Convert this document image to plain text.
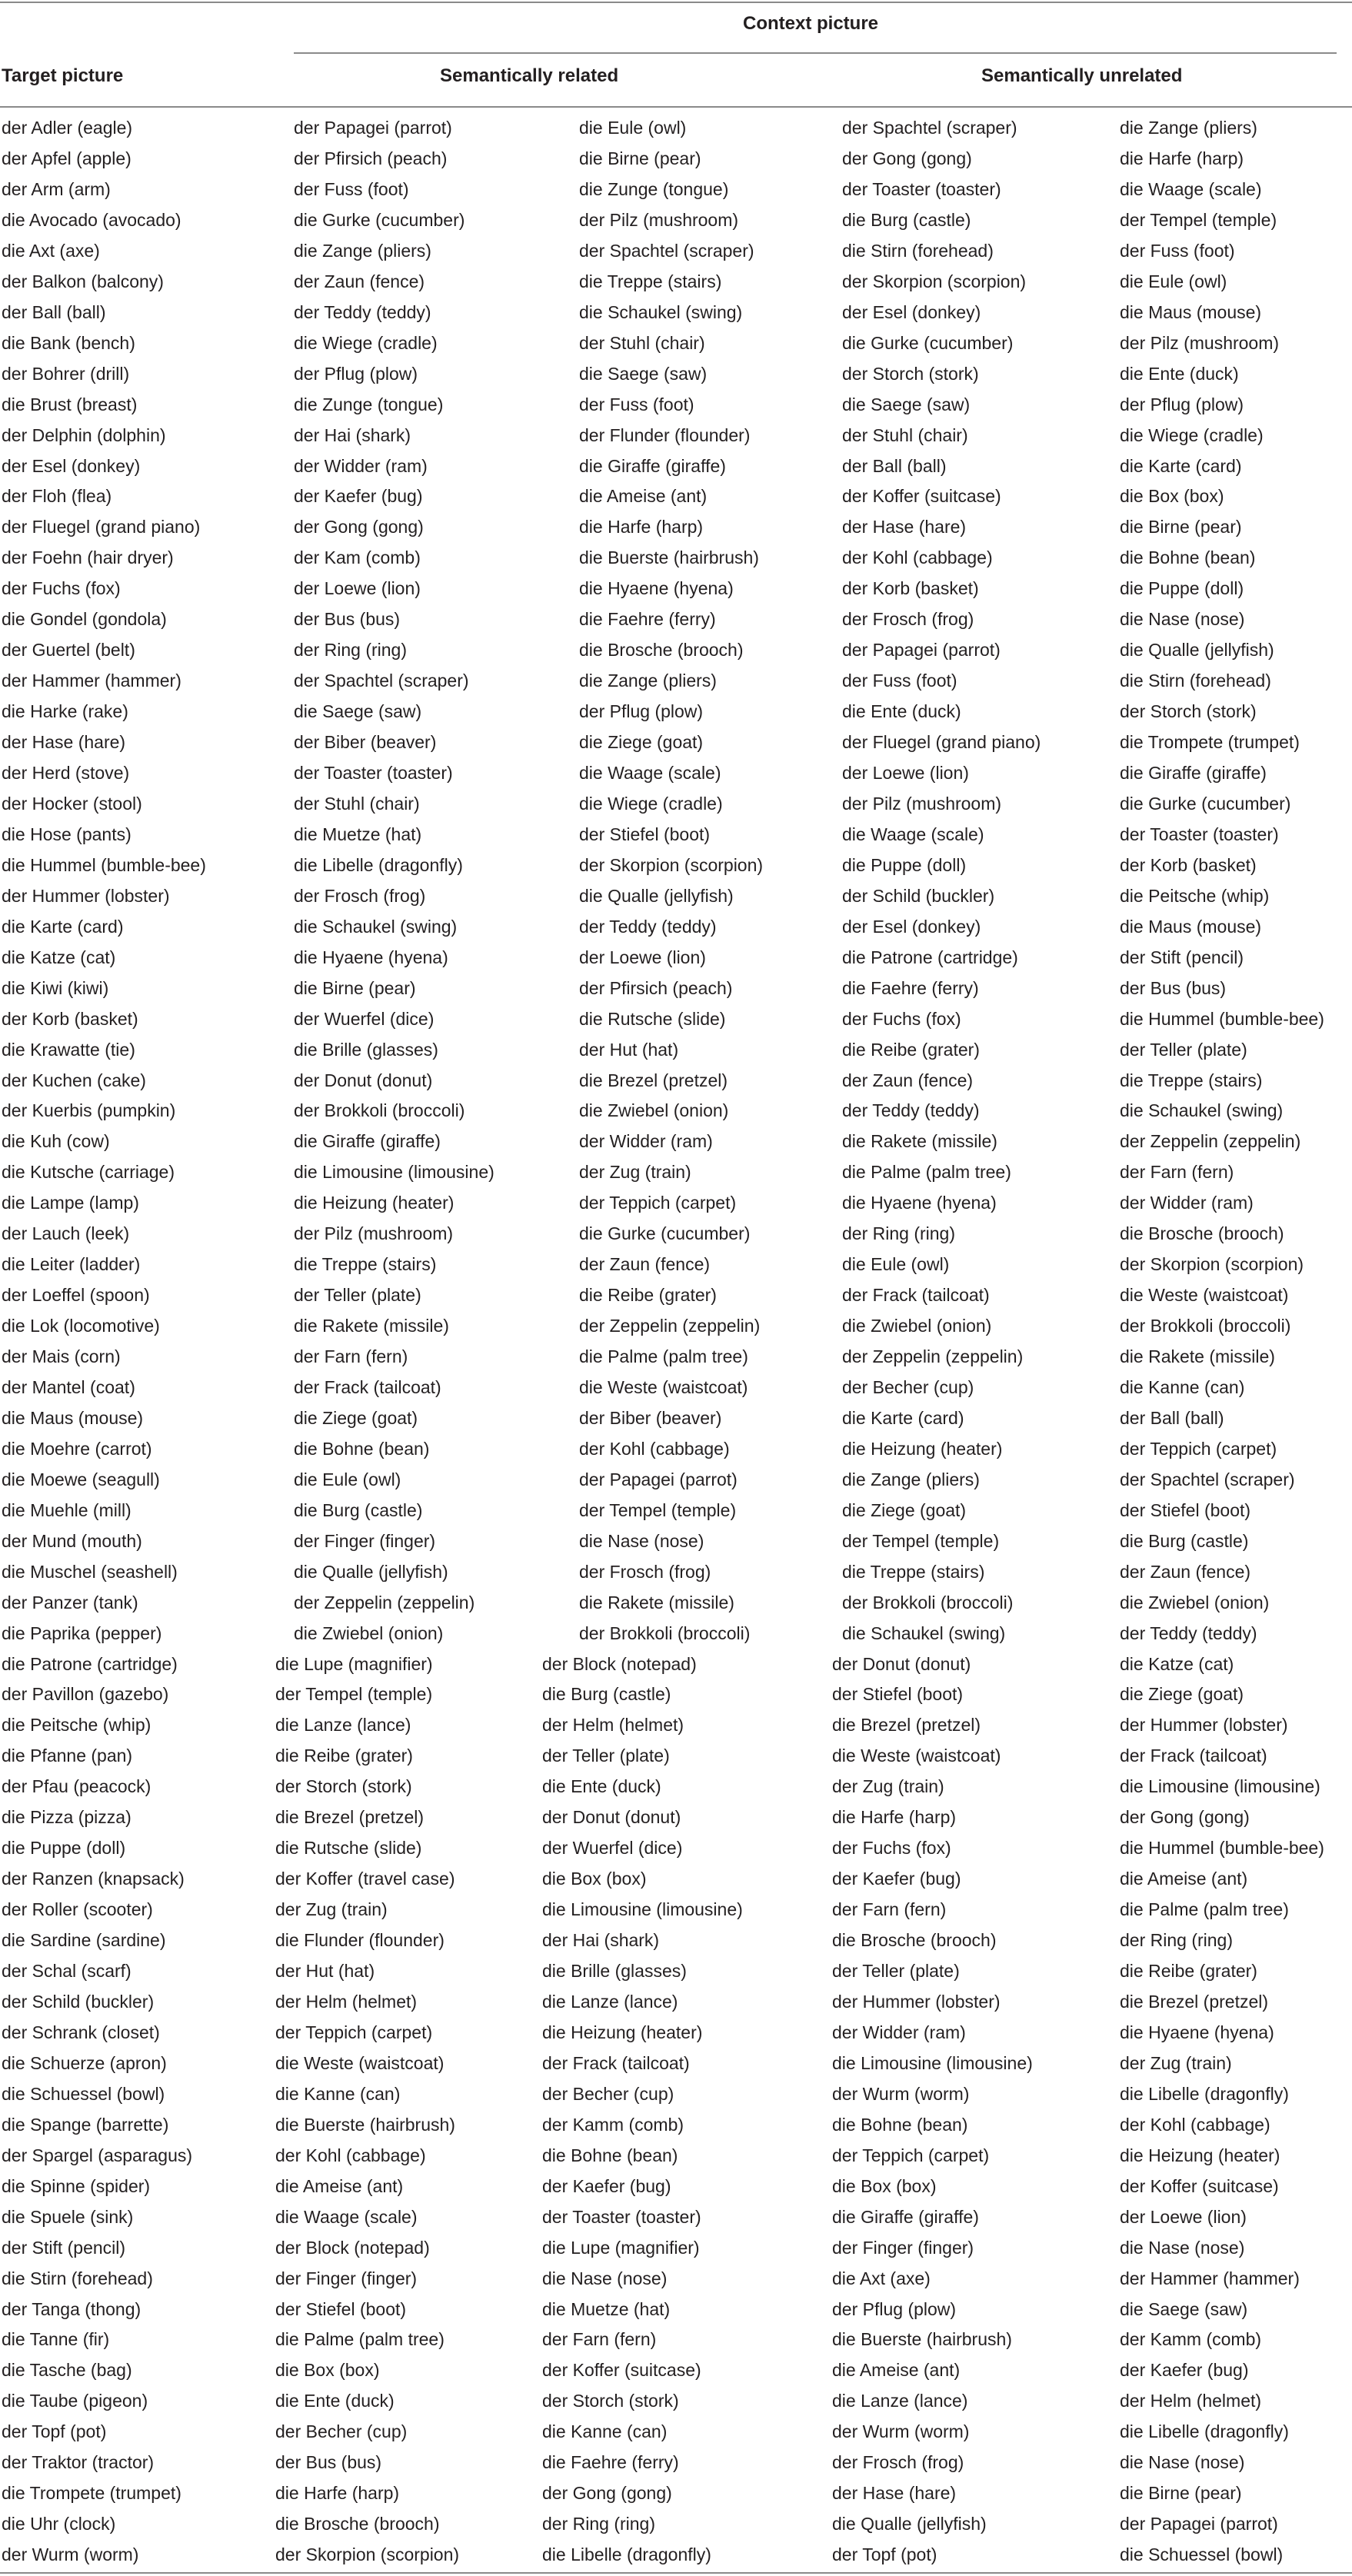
Context picture
Target picture	Semantically related	Semantically unrelated
der Adler (eagle)	der Papagei (parrot)	die Eule (owl)	der Spachtel (scraper)	die Zange (pliers)
der Apfel (apple)	der Pfirsich (peach)	die Birne (pear)	der Gong (gong)	die Harfe (harp)
der Arm (arm)	der Fuss (foot)	die Zunge (tongue)	der Toaster (toaster)	die Waage (scale)
die Avocado (avocado)	die Gurke (cucumber)	der Pilz (mushroom)	die Burg (castle)	der Tempel (temple)
die Axt (axe)	die Zange (pliers)	der Spachtel (scraper)	die Stirn (forehead)	der Fuss (foot)
der Balkon (balcony)	der Zaun (fence)	die Treppe (stairs)	der Skorpion (scorpion)	die Eule (owl)
der Ball (ball)	der Teddy (teddy)	die Schaukel (swing)	der Esel (donkey)	die Maus (mouse)
die Bank (bench)	die Wiege (cradle)	der Stuhl (chair)	die Gurke (cucumber)	der Pilz (mushroom)
der Bohrer (drill)	der Pflug (plow)	die Saege (saw)	der Storch (stork)	die Ente (duck)
die Brust (breast)	die Zunge (tongue)	der Fuss (foot)	die Saege (saw)	der Pflug (plow)
der Delphin (dolphin)	der Hai (shark)	der Flunder (flounder)	der Stuhl (chair)	die Wiege (cradle)
der Esel (donkey)	der Widder (ram)	die Giraffe (giraffe)	der Ball (ball)	die Karte (card)
der Floh (flea)	der Kaefer (bug)	die Ameise (ant)	der Koffer (suitcase)	die Box (box)
der Fluegel (grand piano)	der Gong (gong)	die Harfe (harp)	der Hase (hare)	die Birne (pear)
der Foehn (hair dryer)	der Kam (comb)	die Buerste (hairbrush)	der Kohl (cabbage)	die Bohne (bean)
der Fuchs (fox)	der Loewe (lion)	die Hyaene (hyena)	der Korb (basket)	die Puppe (doll)
die Gondel (gondola)	der Bus (bus)	die Faehre (ferry)	der Frosch (frog)	die Nase (nose)
der Guertel (belt)	der Ring (ring)	die Brosche (brooch)	der Papagei (parrot)	die Qualle (jellyfish)
der Hammer (hammer)	der Spachtel (scraper)	die Zange (pliers)	der Fuss (foot)	die Stirn (forehead)
die Harke (rake)	die Saege (saw)	der Pflug (plow)	die Ente (duck)	der Storch (stork)
der Hase (hare)	der Biber (beaver)	die Ziege (goat)	der Fluegel (grand piano)	die Trompete (trumpet)
der Herd (stove)	der Toaster (toaster)	die Waage (scale)	der Loewe (lion)	die Giraffe (giraffe)
der Hocker (stool)	der Stuhl (chair)	die Wiege (cradle)	der Pilz (mushroom)	die Gurke (cucumber)
die Hose (pants)	die Muetze (hat)	der Stiefel (boot)	die Waage (scale)	der Toaster (toaster)
die Hummel (bumble-bee)	die Libelle (dragonfly)	der Skorpion (scorpion)	die Puppe (doll)	der Korb (basket)
der Hummer (lobster)	der Frosch (frog)	die Qualle (jellyfish)	der Schild (buckler)	die Peitsche (whip)
die Karte (card)	die Schaukel (swing)	der Teddy (teddy)	der Esel (donkey)	die Maus (mouse)
die Katze (cat)	die Hyaene (hyena)	der Loewe (lion)	die Patrone (cartridge)	der Stift (pencil)
die Kiwi (kiwi)	die Birne (pear)	der Pfirsich (peach)	die Faehre (ferry)	der Bus (bus)
der Korb (basket)	der Wuerfel (dice)	die Rutsche (slide)	der Fuchs (fox)	die Hummel (bumble-bee)
die Krawatte (tie)	die Brille (glasses)	der Hut (hat)	die Reibe (grater)	der Teller (plate)
der Kuchen (cake)	der Donut (donut)	die Brezel (pretzel)	der Zaun (fence)	die Treppe (stairs)
der Kuerbis (pumpkin)	der Brokkoli (broccoli)	die Zwiebel (onion)	der Teddy (teddy)	die Schaukel (swing)
die Kuh (cow)	die Giraffe (giraffe)	der Widder (ram)	die Rakete (missile)	der Zeppelin (zeppelin)
die Kutsche (carriage)	die Limousine (limousine)	der Zug (train)	die Palme (palm tree)	der Farn (fern)
die Lampe (lamp)	die Heizung (heater)	der Teppich (carpet)	die Hyaene (hyena)	der Widder (ram)
der Lauch (leek)	der Pilz (mushroom)	die Gurke (cucumber)	der Ring (ring)	die Brosche (brooch)
die Leiter (ladder)	die Treppe (stairs)	der Zaun (fence)	die Eule (owl)	der Skorpion (scorpion)
der Loeffel (spoon)	der Teller (plate)	die Reibe (grater)	der Frack (tailcoat)	die Weste (waistcoat)
die Lok (locomotive)	die Rakete (missile)	der Zeppelin (zeppelin)	die Zwiebel (onion)	der Brokkoli (broccoli)
der Mais (corn)	der Farn (fern)	die Palme (palm tree)	der Zeppelin (zeppelin)	die Rakete (missile)
der Mantel (coat)	der Frack (tailcoat)	die Weste (waistcoat)	der Becher (cup)	die Kanne (can)
die Maus (mouse)	die Ziege (goat)	der Biber (beaver)	die Karte (card)	der Ball (ball)
die Moehre (carrot)	die Bohne (bean)	der Kohl (cabbage)	die Heizung (heater)	der Teppich (carpet)
die Moewe (seagull)	die Eule (owl)	der Papagei (parrot)	die Zange (pliers)	der Spachtel (scraper)
die Muehle (mill)	die Burg (castle)	der Tempel (temple)	die Ziege (goat)	der Stiefel (boot)
der Mund (mouth)	der Finger (finger)	die Nase (nose)	der Tempel (temple)	die Burg (castle)
die Muschel (seashell)	die Qualle (jellyfish)	der Frosch (frog)	die Treppe (stairs)	der Zaun (fence)
der Panzer (tank)	der Zeppelin (zeppelin)	die Rakete (missile)	der Brokkoli (broccoli)	die Zwiebel (onion)
die Paprika (pepper)	die Zwiebel (onion)	der Brokkoli (broccoli)	die Schaukel (swing)	der Teddy (teddy)
die Patrone (cartridge)	die Lupe (magnifier)	der Block (notepad)	der Donut (donut)	die Katze (cat)
der Pavillon (gazebo)	der Tempel (temple)	die Burg (castle)	der Stiefel (boot)	die Ziege (goat)
die Peitsche (whip)	die Lanze (lance)	der Helm (helmet)	die Brezel (pretzel)	der Hummer (lobster)
die Pfanne (pan)	die Reibe (grater)	der Teller (plate)	die Weste (waistcoat)	der Frack (tailcoat)
der Pfau (peacock)	der Storch (stork)	die Ente (duck)	der Zug (train)	die Limousine (limousine)
die Pizza (pizza)	die Brezel (pretzel)	der Donut (donut)	die Harfe (harp)	der Gong (gong)
die Puppe (doll)	die Rutsche (slide)	der Wuerfel (dice)	der Fuchs (fox)	die Hummel (bumble-bee)
der Ranzen (knapsack)	der Koffer (travel case)	die Box (box)	der Kaefer (bug)	die Ameise (ant)
der Roller (scooter)	der Zug (train)	die Limousine (limousine)	der Farn (fern)	die Palme (palm tree)
die Sardine (sardine)	die Flunder (flounder)	der Hai (shark)	die Brosche (brooch)	der Ring (ring)
der Schal (scarf)	der Hut (hat)	die Brille (glasses)	der Teller (plate)	die Reibe (grater)
der Schild (buckler)	der Helm (helmet)	die Lanze (lance)	der Hummer (lobster)	die Brezel (pretzel)
der Schrank (closet)	der Teppich (carpet)	die Heizung (heater)	der Widder (ram)	die Hyaene (hyena)
die Schuerze (apron)	die Weste (waistcoat)	der Frack (tailcoat)	die Limousine (limousine)	der Zug (train)
die Schuessel (bowl)	die Kanne (can)	der Becher (cup)	der Wurm (worm)	die Libelle (dragonfly)
die Spange (barrette)	die Buerste (hairbrush)	der Kamm (comb)	die Bohne (bean)	der Kohl (cabbage)
der Spargel (asparagus)	der Kohl (cabbage)	die Bohne (bean)	der Teppich (carpet)	die Heizung (heater)
die Spinne (spider)	die Ameise (ant)	der Kaefer (bug)	die Box (box)	der Koffer (suitcase)
die Spuele (sink)	die Waage (scale)	der Toaster (toaster)	die Giraffe (giraffe)	der Loewe (lion)
der Stift (pencil)	der Block (notepad)	die Lupe (magnifier)	der Finger (finger)	die Nase (nose)
die Stirn (forehead)	der Finger (finger)	die Nase (nose)	die Axt (axe)	der Hammer (hammer)
der Tanga (thong)	der Stiefel (boot)	die Muetze (hat)	der Pflug (plow)	die Saege (saw)
die Tanne (fir)	die Palme (palm tree)	der Farn (fern)	die Buerste (hairbrush)	der Kamm (comb)
die Tasche (bag)	die Box (box)	der Koffer (suitcase)	die Ameise (ant)	der Kaefer (bug)
die Taube (pigeon)	die Ente (duck)	der Storch (stork)	die Lanze (lance)	der Helm (helmet)
der Topf (pot)	der Becher (cup)	die Kanne (can)	der Wurm (worm)	die Libelle (dragonfly)
der Traktor (tractor)	der Bus (bus)	die Faehre (ferry)	der Frosch (frog)	die Nase (nose)
die Trompete (trumpet)	die Harfe (harp)	der Gong (gong)	der Hase (hare)	die Birne (pear)
die Uhr (clock)	die Brosche (brooch)	der Ring (ring)	die Qualle (jellyfish)	der Papagei (parrot)
der Wurm (worm)	der Skorpion (scorpion)	die Libelle (dragonfly)	der Topf (pot)	die Schuessel (bowl)
